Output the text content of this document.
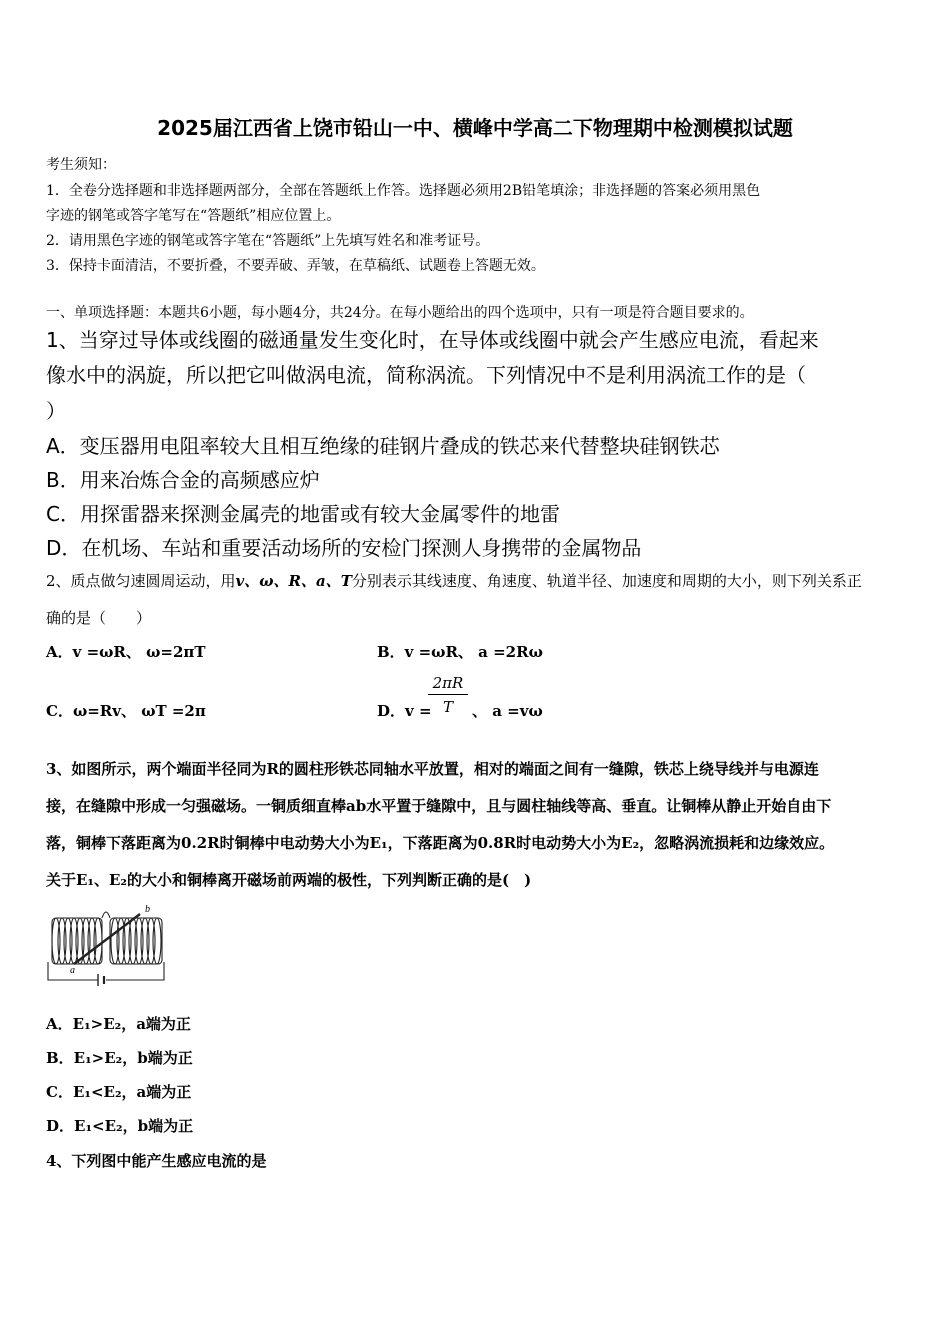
2025届江西省上饶市铅山一中、横峰中学高二下物理期中检测模拟试题
考生须知：
1．全卷分选择题和非选择题两部分，全部在答题纸上作答。选择题必须用2B铅笔填涂；非选择题的答案必须用黑色
字迹的钢笔或答字笔写在“答题纸”相应位置上。
2．请用黑色字迹的钢笔或答字笔在“答题纸”上先填写姓名和准考证号。
3．保持卡面清洁，不要折叠，不要弄破、弄皱，在草稿纸、试题卷上答题无效。
一、单项选择题：本题共6小题，每小题4分，共24分。在每小题给出的四个选项中，只有一项是符合题目要求的。
1、当穿过导体或线圈的磁通量发生变化时，在导体或线圈中就会产生感应电流，看起来
像水中的涡旋，所以把它叫做涡电流，简称涡流。下列情况中不是利用涡流工作的是（
）
A．变压器用电阻率较大且相互绝缘的硅钢片叠成的铁芯来代替整块硅钢铁芯
B．用来冶炼合金的高频感应炉
C．用探雷器来探测金属壳的地雷或有较大金属零件的地雷
D．在机场、车站和重要活动场所的安检门探测人身携带的金属物品
2、质点做匀速圆周运动，用v、ω、R、a、T分别表示其线速度、角速度、轨道半径、加速度和周期的大小，则下列关系正
确的是（　　）
A．v =ωR、 ω=2πT	B．v =ωR、 a =2Rω
C．ω=Rv、 ωT =2π	D．v =
$\frac{2\pi R}{T}$ 、 a =vω
3、如图所示，两个端面半径同为R的圆柱形铁芯同轴水平放置，相对的端面之间有一缝隙，铁芯上绕导线并与电源连
接，在缝隙中形成一匀强磁场。一铜质细直棒ab水平置于缝隙中，且与圆柱轴线等高、垂直。让铜棒从静止开始自由下
落，铜棒下落距离为0.2R时铜棒中电动势大小为E₁，下落距离为0.8R时电动势大小为E₂，忽略涡流损耗和边缘效应。
关于E₁、E₂的大小和铜棒离开磁场前两端的极性，下列判断正确的是(　)
a
b
A．E₁>E₂，a端为正
B．E₁>E₂，b端为正
C．E₁<E₂，a端为正
D．E₁<E₂，b端为正
4、下列图中能产生感应电流的是
